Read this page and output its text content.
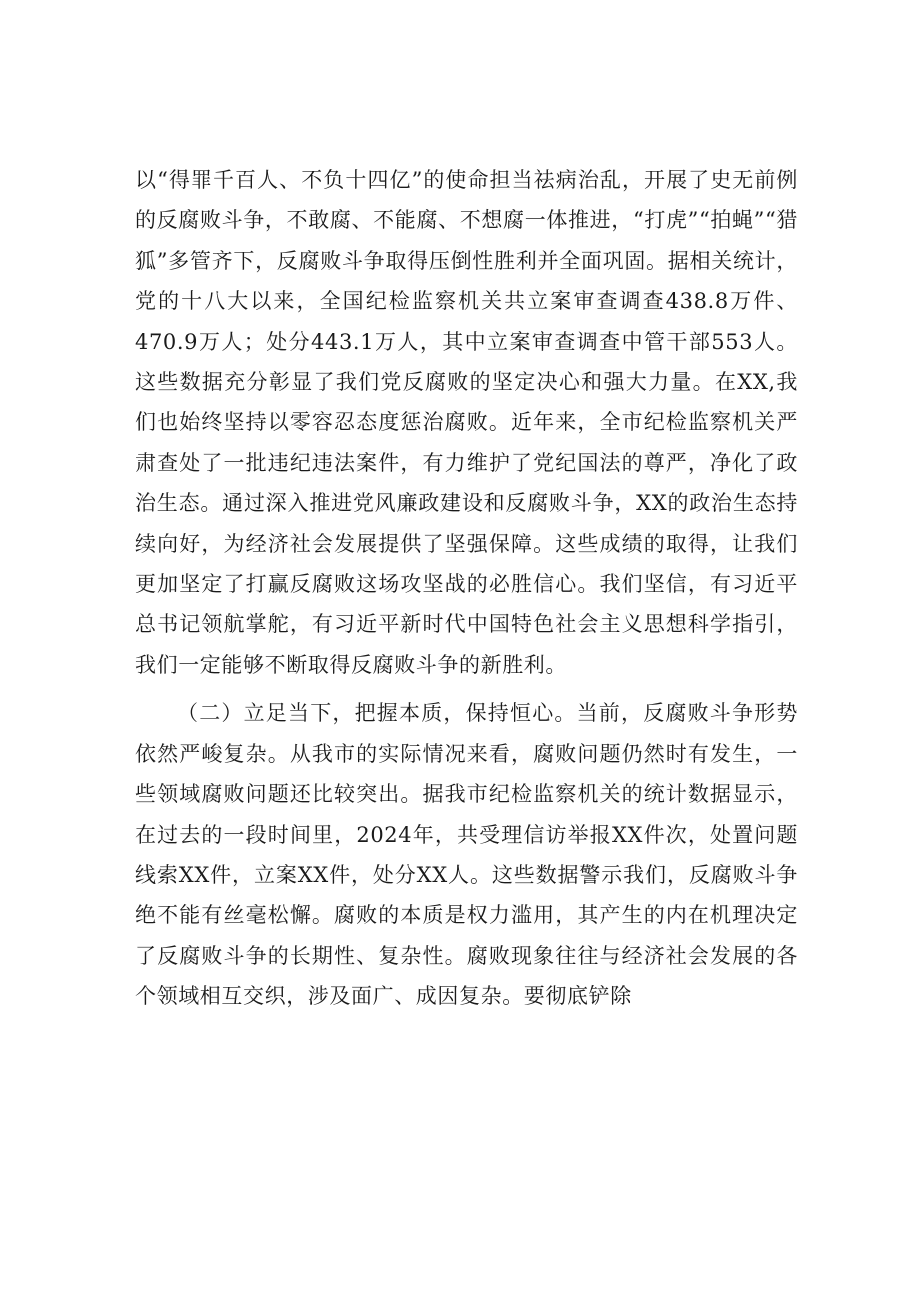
以“得罪千百人、不负十四亿”的使命担当祛病治乱，开展了史无前例的反腐败斗争，不敢腐、不能腐、不想腐一体推进，“打虎”“拍蝇”“猎狐”多管齐下，反腐败斗争取得压倒性胜利并全面巩固。据相关统计，党的十八大以来，全国纪检监察机关共立案审查调查438.8万件、470.9万人；处分443.1万人，其中立案审查调查中管干部553人。这些数据充分彰显了我们党反腐败的坚定决心和强大力量。在XX,我们也始终坚持以零容忍态度惩治腐败。近年来，全市纪检监察机关严肃查处了一批违纪违法案件，有力维护了党纪国法的尊严，净化了政治生态。通过深入推进党风廉政建设和反腐败斗争，XX的政治生态持续向好，为经济社会发展提供了坚强保障。这些成绩的取得，让我们更加坚定了打赢反腐败这场攻坚战的必胜信心。我们坚信，有习近平总书记领航掌舵，有习近平新时代中国特色社会主义思想科学指引，我们一定能够不断取得反腐败斗争的新胜利。

（二）立足当下，把握本质，保持恒心。当前，反腐败斗争形势依然严峻复杂。从我市的实际情况来看，腐败问题仍然时有发生，一些领域腐败问题还比较突出。据我市纪检监察机关的统计数据显示，在过去的一段时间里，2024年，共受理信访举报XX件次，处置问题线索XX件，立案XX件，处分XX人。这些数据警示我们，反腐败斗争绝不能有丝毫松懈。腐败的本质是权力滥用，其产生的内在机理决定了反腐败斗争的长期性、复杂性。腐败现象往往与经济社会发展的各个领域相互交织，涉及面广、成因复杂。要彻底铲除
